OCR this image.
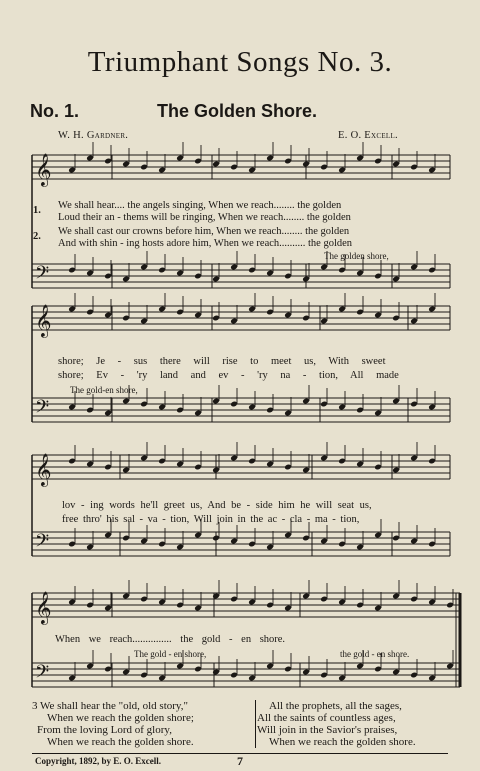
Triumphant Songs No. 3.
No. 1.	The Golden Shore.
W. H. Gardner.	E. O. Excell.
𝄞
𝄢
𝄞
𝄢
𝄞
𝄢
𝄞
𝄢
1.
2.
We shall hear.... the angels singing, When we reach........ the golden
Loud their an - thems will be ringing, When we reach........ the golden
We shall cast our crowns before him, When we reach........ the golden
And with shin - ing hosts adore him, When we reach.......... the golden
The golden shore,
shore; Je - sus there will rise to meet us, With sweet
shore; Ev - 'ry land and ev - 'ry na - tion, All made
The gold-en shore,
lov - ing words he'll greet us, And be - side him he will seat us,
free thro' his sal - va - tion, Will join in the ac - cla - ma - tion,
When we reach............... the gold - en shore.
The gold - en shore,	the gold - en shore.
3 We shall hear the "old, old story,"
When we reach the golden shore;
From the loving Lord of glory,
When we reach the golden shore.
All the prophets, all the sages,
All the saints of countless ages,
Will join in the Savior's praises,
When we reach the golden shore.
Copyright, 1892, by E. O. Excell.	7
